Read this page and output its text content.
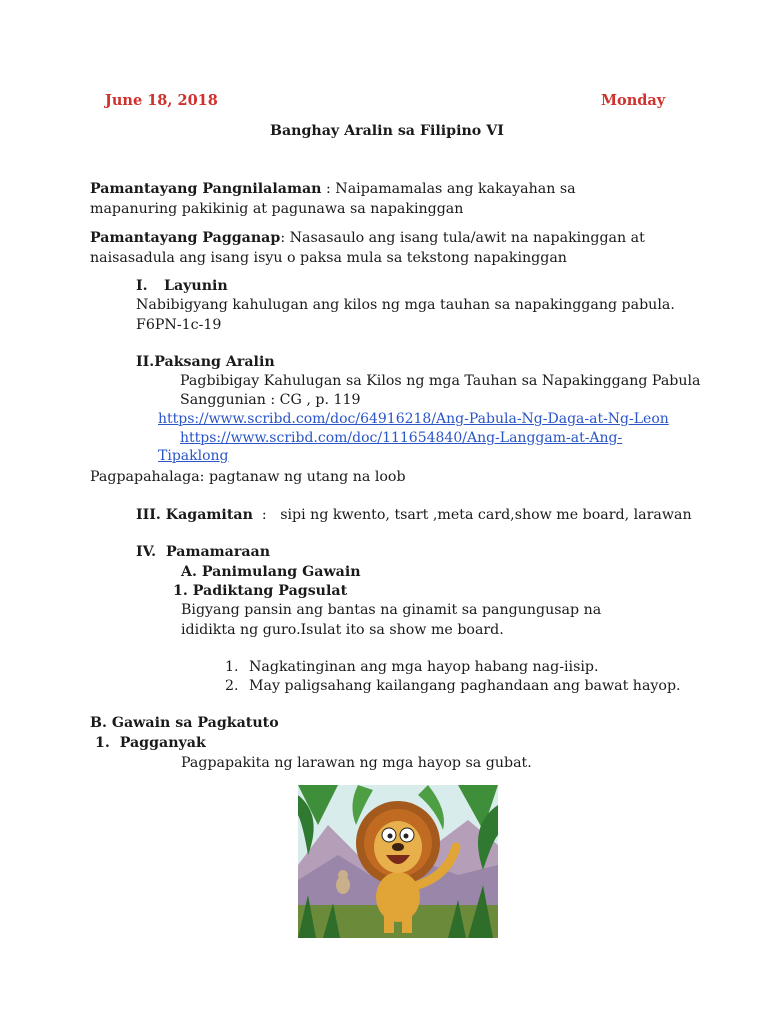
June 18, 2018	Monday
Banghay Aralin sa Filipino VI
Pamantayang Pangnilalaman : Naipamamalas ang kakayahan sa mapanuring pakikinig at pagunawa sa napakinggan
Pamantayang Pagganap: Nasasaulo ang isang tula/awit na napakinggan at naisasadula ang isang isyu o paksa mula sa tekstong napakinggan
I. Layunin
Nabibigyang kahulugan ang kilos ng mga tauhan sa napakinggang pabula. F6PN-1c-19
II.Paksang Aralin
Pagbibigay Kahulugan sa Kilos ng mga Tauhan sa Napakinggang Pabula
Sanggunian : CG , p. 119
https://www.scribd.com/doc/64916218/Ang-Pabula-Ng-Daga-at-Ng-Leon
https://www.scribd.com/doc/111654840/Ang-Langgam-at-Ang-
Tipaklong
Pagpapahalaga: pagtanaw ng utang na loob
III. Kagamitan  :   sipi ng kwento, tsart ,meta card,show me board, larawan
IV.  Pamamaraan
A. Panimulang Gawain
1. Padiktang Pagsulat
Bigyang pansin ang bantas na ginamit sa pangungusap na ididikta ng guro.Isulat ito sa show me board.
1. Nagkatinginan ang mga hayop habang nag-iisip.
2. May paligsahang kailangang paghandaan ang bawat hayop.
B. Gawain sa Pagkatuto
1.  Pagganyak
Pagpapakita ng larawan ng mga hayop sa gubat.
